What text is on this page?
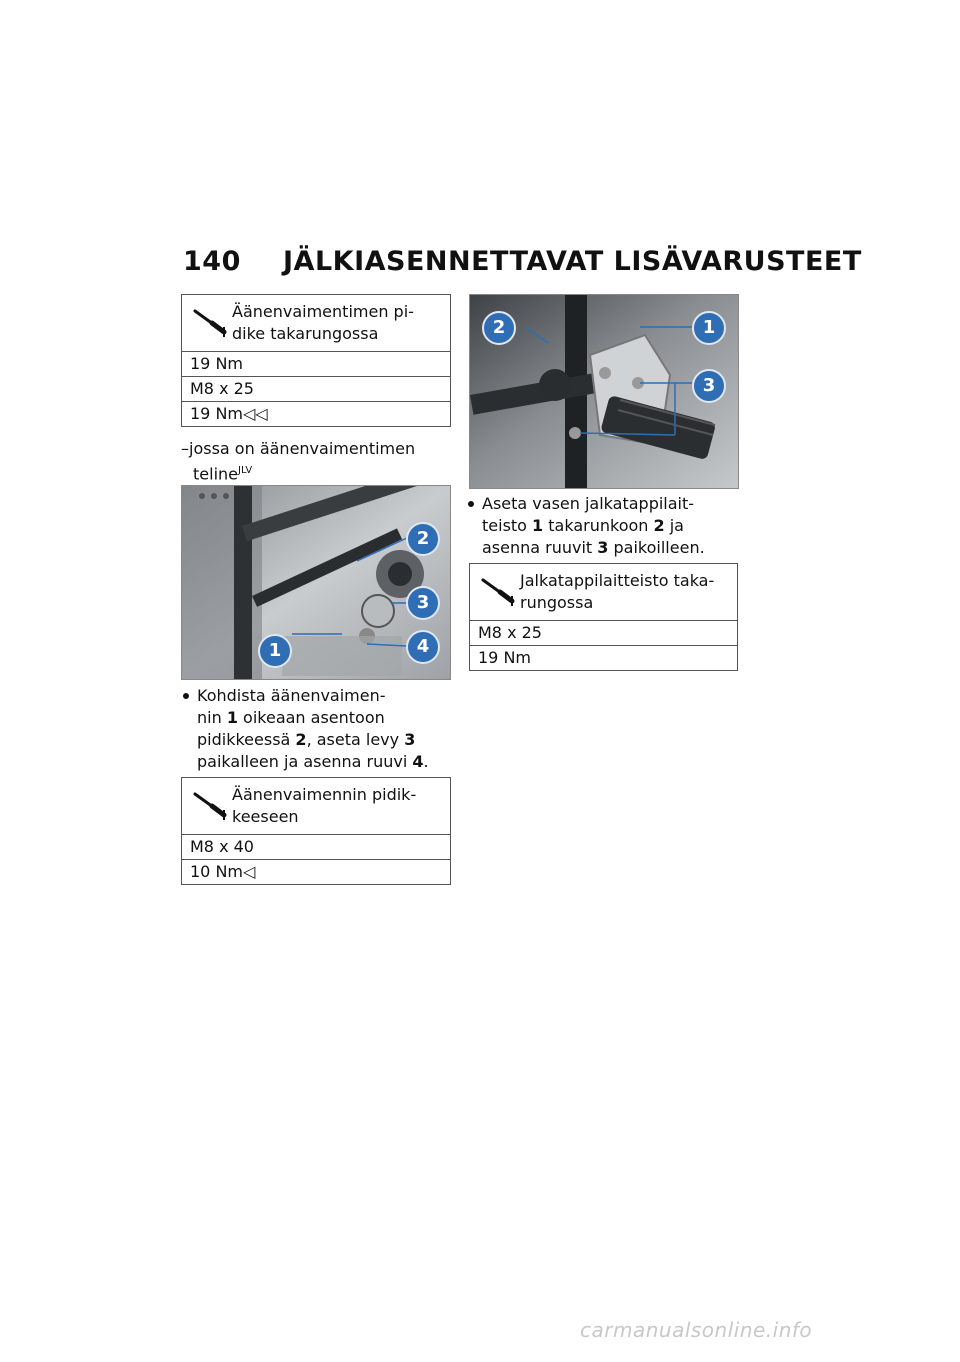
140 JÄLKIASENNETTAVAT LISÄVARUSTEET
Äänenvaimentimen pi-
dike takarungossa
19 Nm
M8 x 25
19 Nm◁◁
–jossa on äänenvaimentimen
teline$^{JLV}$
1
2
3
4
Kohdista äänenvaimen-
nin 1 oikeaan asentoon
pidikkeessä 2, aseta levy 3
paikalleen ja asenna ruuvi 4.
Äänenvaimennin pidik-
keeseen
M8 x 40
10 Nm◁
1
2
3
Aseta vasen jalkatappilait-
teisto 1 takarunkoon 2 ja
asenna ruuvit 3 paikoilleen.
Jalkatappilaitteisto taka-
rungossa
M8 x 25
19 Nm
carmanualsonline.info
